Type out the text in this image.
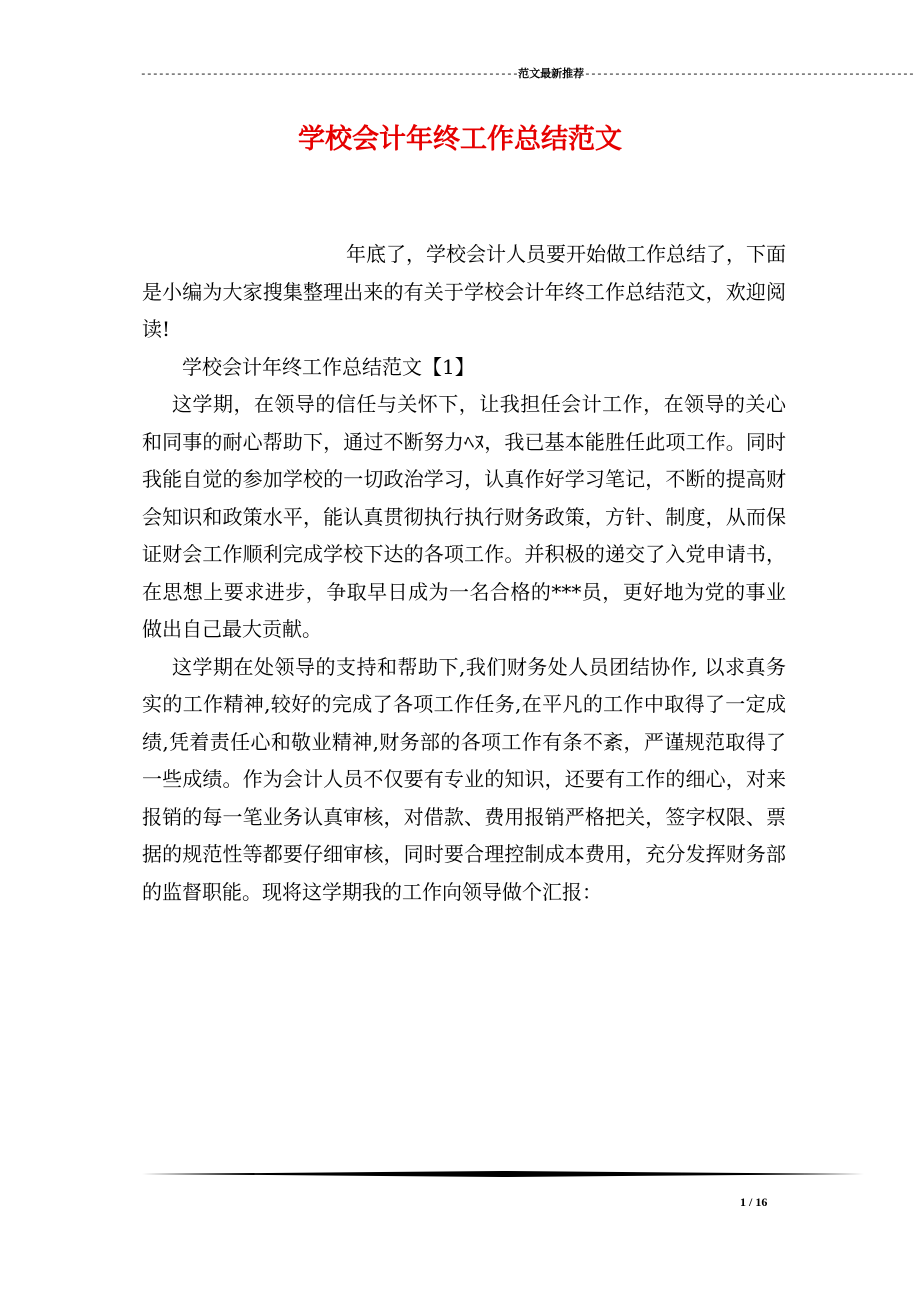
---------------------------------------------------------------范文最新推荐-------------------------------------------------------
学校会计年终工作总结范文

年底了，学校会计人员要开始做工作总结了，下面是小编为大家搜集整理出来的有关于学校会计年终工作总结范文，欢迎阅读!

学校会计年终工作总结范文【1】

这学期，在领导的信任与关怀下，让我担任会计工作，在领导的关心和同事的耐心帮助下，通过不断努力ﾍﾇ，我已基本能胜任此项工作。同时我能自觉的参加学校的一切政治学习，认真作好学习笔记，不断的提高财会知识和政策水平，能认真贯彻执行执行财务政策，方针、制度，从而保证财会工作顺利完成学校下达的各项工作。并积极的递交了入党申请书，在思想上要求进步，争取早日成为一名合格的***员，更好地为党的事业做出自己最大贡献。

这学期在处领导的支持和帮助下,我们财务处人员团结协作, 以求真务实的工作精神,较好的完成了各项工作任务,在平凡的工作中取得了一定成绩,凭着责任心和敬业精神,财务部的各项工作有条不紊，严谨规范取得了一些成绩。作为会计人员不仅要有专业的知识，还要有工作的细心，对来报销的每一笔业务认真审核，对借款、费用报销严格把关，签字权限、票据的规范性等都要仔细审核，同时要合理控制成本费用，充分发挥财务部的监督职能。现将这学期我的工作向领导做个汇报：

1 / 16
